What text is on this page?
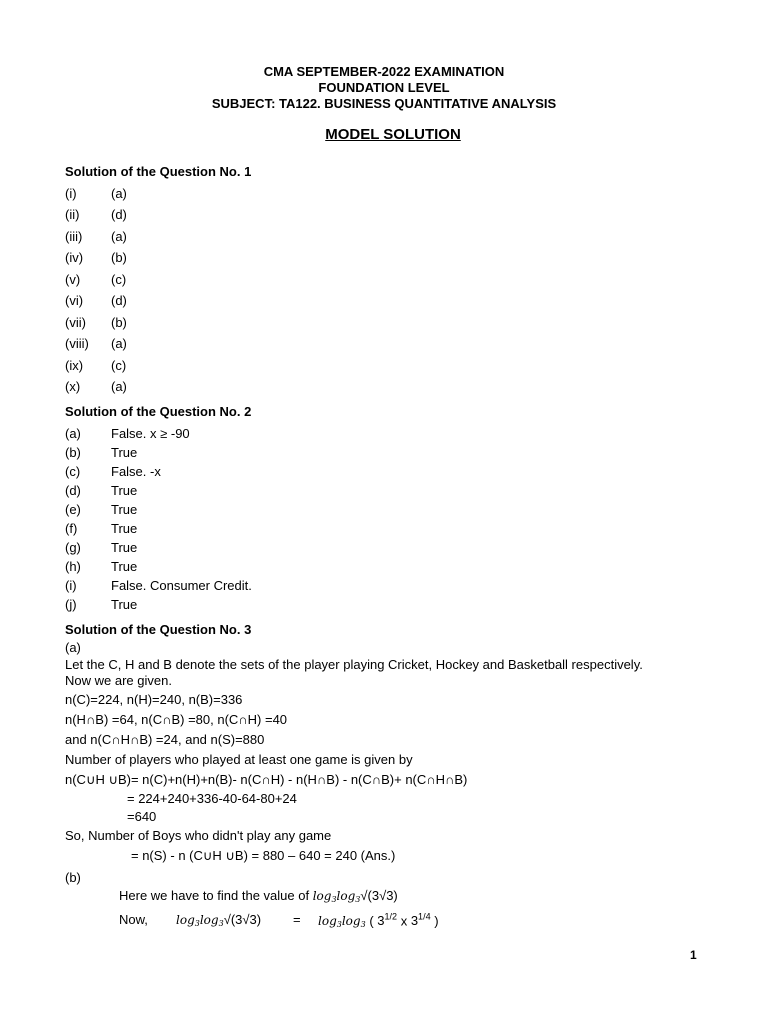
CMA SEPTEMBER-2022 EXAMINATION
FOUNDATION LEVEL
SUBJECT: TA122. BUSINESS QUANTITATIVE ANALYSIS
MODEL SOLUTION
Solution of the Question No. 1
(i)	(a)
(ii) (d)
(iii) (a)
(iv) (b)
(v) (c)
(vi) (d)
(vii) (b)
(viii) (a)
(ix) (c)
(x) (a)
Solution of the Question No. 2
(a) False. x ≥ -90
(b) True
(c) False. -x
(d) True
(e) True
(f)	True
(g) True
(h) True
(i)	False. Consumer Credit.
(j)	True
Solution of the Question No. 3
(a)
Let the C, H and B denote the sets of the player playing Cricket, Hockey and Basketball respectively.
Now we are given.
n(C)=224, n(H)=240, n(B)=336
n(H∩B) =64, n(C∩B) =80, n(C∩H) =40
and n(C∩H∩B) =24, and n(S)=880
Number of players who played at least one game is given by
n(C∪H ∪B)= n(C)+n(H)+n(B)- n(C∩H) - n(H∩B) - n(C∩B)+ n(C∩H∩B)
= 224+240+336-40-64-80+24
=640
So, Number of Boys who didn't play any game
= n(S) - n (C∪H ∪B) = 880 – 640 = 240 (Ans.)
(b)
Here we have to find the value of $\log_3\log_3√(3√3)$
Now, $\log_3\log_3√(3√3) = \log_3\log_3$ ( $3^{1/2}$ x $3^{1/4}$ )
1
